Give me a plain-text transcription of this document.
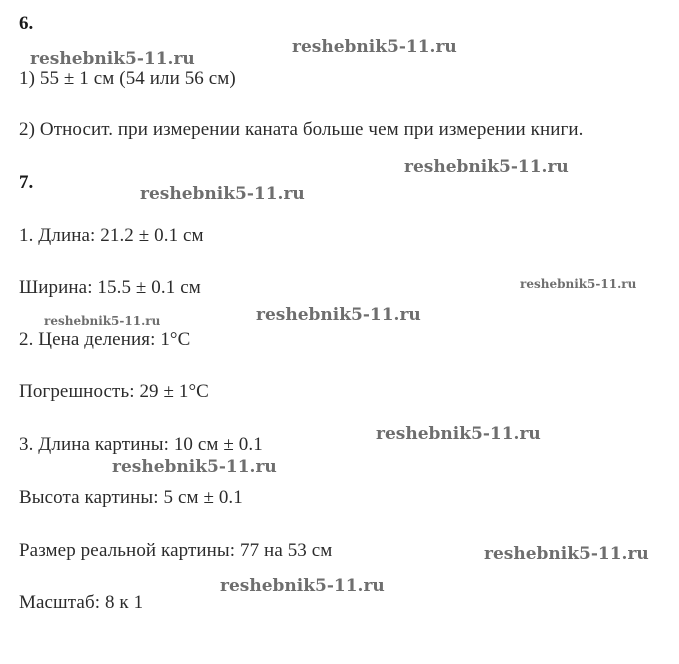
6.
1) 55 ± 1 см (54 или 56 см)
2) Относит. при измерении каната больше чем при измерении книги.
7.
1. Длина: 21.2 ± 0.1 см
Ширина: 15.5 ± 0.1 см
2. Цена деления: 1°С
Погрешность: 29 ± 1°С
3. Длина картины: 10 см ± 0.1
Высота картины: 5 см ± 0.1
Размер реальной картины: 77 на 53 см
Масштаб: 8 к 1
reshebnik5-11.ru
reshebnik5-11.ru
reshebnik5-11.ru
reshebnik5-11.ru
reshebnik5-11.ru
reshebnik5-11.ru
reshebnik5-11.ru
reshebnik5-11.ru
reshebnik5-11.ru
reshebnik5-11.ru
reshebnik5-11.ru
